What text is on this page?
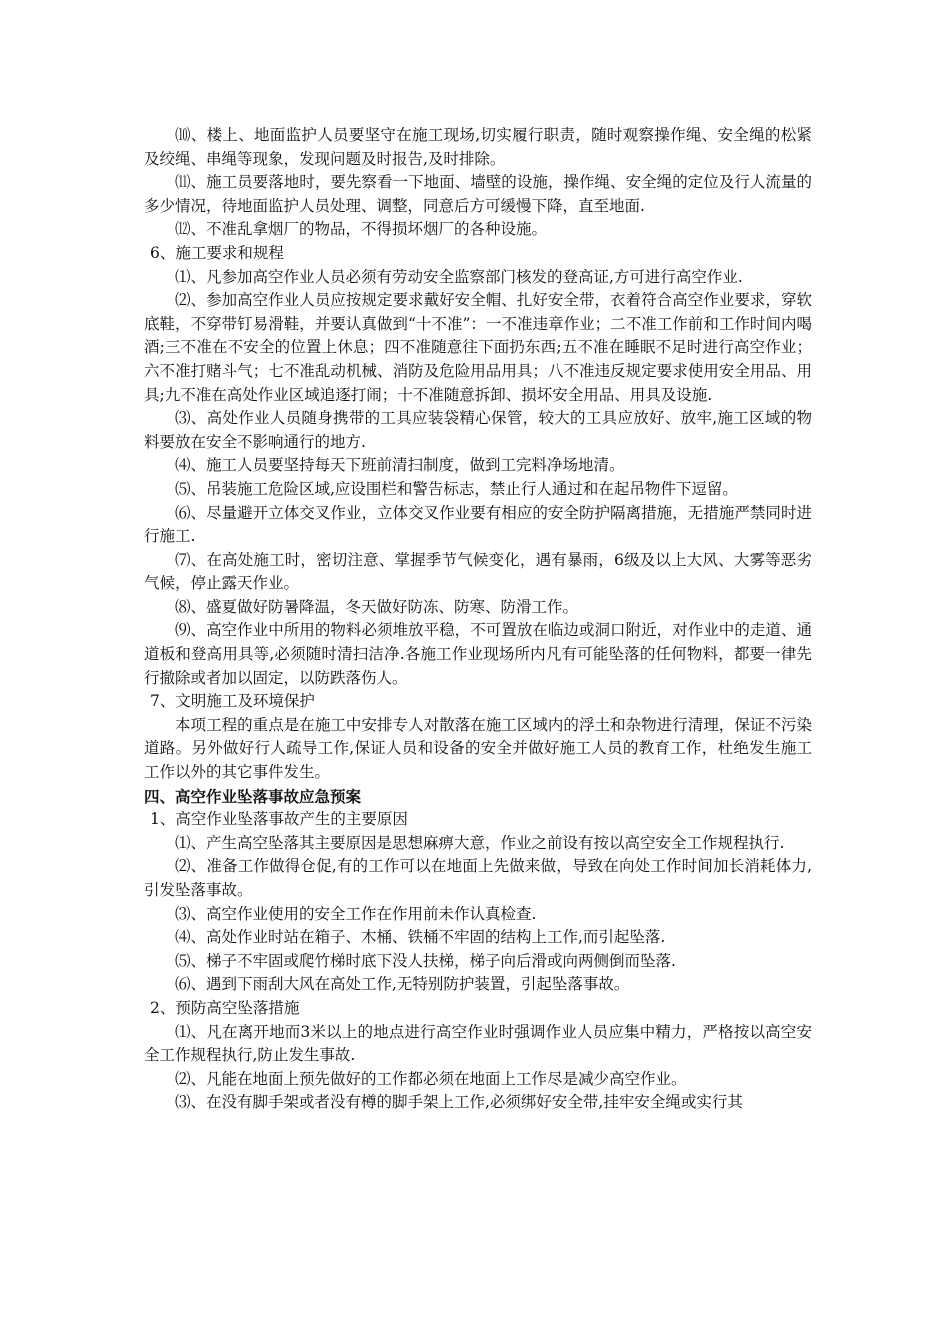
⑽、楼上、地面监护人员要坚守在施工现场,切实履行职责，随时观察操作绳、安全绳的松紧及绞绳、串绳等现象，发现问题及时报告,及时排除。

⑾、施工员要落地时，要先察看一下地面、墙壁的设施，操作绳、安全绳的定位及行人流量的多少情况，待地面监护人员处理、调整，同意后方可缓慢下降，直至地面.

⑿、不准乱拿烟厂的物品，不得损坏烟厂的各种设施。

6、施工要求和规程

⑴、凡参加高空作业人员必须有劳动安全监察部门核发的登高证,方可进行高空作业.

⑵、参加高空作业人员应按规定要求戴好安全帽、扎好安全带，衣着符合高空作业要求，穿软底鞋，不穿带钉易滑鞋，并要认真做到“十不准”：一不准违章作业；二不准工作前和工作时间内喝酒;三不准在不安全的位置上休息；四不准随意往下面扔东西;五不准在睡眠不足时进行高空作业；六不准打赌斗气；七不准乱动机械、消防及危险用品用具；八不准违反规定要求使用安全用品、用具;九不准在高处作业区域追逐打闹；十不准随意拆卸、损坏安全用品、用具及设施.

⑶、高处作业人员随身携带的工具应装袋精心保管，较大的工具应放好、放牢,施工区域的物料要放在安全不影响通行的地方.

⑷、施工人员要坚持每天下班前清扫制度，做到工完料净场地清。

⑸、吊装施工危险区域,应设围栏和警告标志，禁止行人通过和在起吊物件下逗留。

⑹、尽量避开立体交叉作业，立体交叉作业要有相应的安全防护隔离措施，无措施严禁同时进行施工.

⑺、在高处施工时，密切注意、掌握季节气候变化，遇有暴雨，6级及以上大风、大雾等恶劣气候，停止露天作业。

⑻、盛夏做好防暑降温，冬天做好防冻、防寒、防滑工作。

⑼、高空作业中所用的物料必须堆放平稳，不可置放在临边或洞口附近，对作业中的走道、通道板和登高用具等,必须随时清扫洁净.各施工作业现场所内凡有可能坠落的任何物料，都要一律先行撤除或者加以固定，以防跌落伤人。

7、文明施工及环境保护

本项工程的重点是在施工中安排专人对散落在施工区域内的浮土和杂物进行清理，保证不污染道路。另外做好行人疏导工作,保证人员和设备的安全并做好施工人员的教育工作，杜绝发生施工工作以外的其它事件发生。

四、高空作业坠落事故应急预案

1、高空作业坠落事故产生的主要原因

⑴、产生高空坠落其主要原因是思想麻痹大意，作业之前设有按以高空安全工作规程执行.

⑵、准备工作做得仓促,有的工作可以在地面上先做来做，导致在向处工作时间加长消耗体力,引发坠落事故。

⑶、高空作业使用的安全工作在作用前未作认真检查.

⑷、高处作业时站在箱子、木桶、铁桶不牢固的结构上工作,而引起坠落.

⑸、梯子不牢固或爬竹梯时底下没人扶梯，梯子向后滑或向两侧倒而坠落.

⑹、遇到下雨刮大风在高处工作,无特别防护装置，引起坠落事故。

2、预防高空坠落措施

⑴、凡在离开地而3米以上的地点进行高空作业时强调作业人员应集中精力，严格按以高空安全工作规程执行,防止发生事故.

⑵、凡能在地面上预先做好的工作都必须在地面上工作尽是减少高空作业。

⑶、在没有脚手架或者没有樽的脚手架上工作,必须绑好安全带,挂牢安全绳或实行其
